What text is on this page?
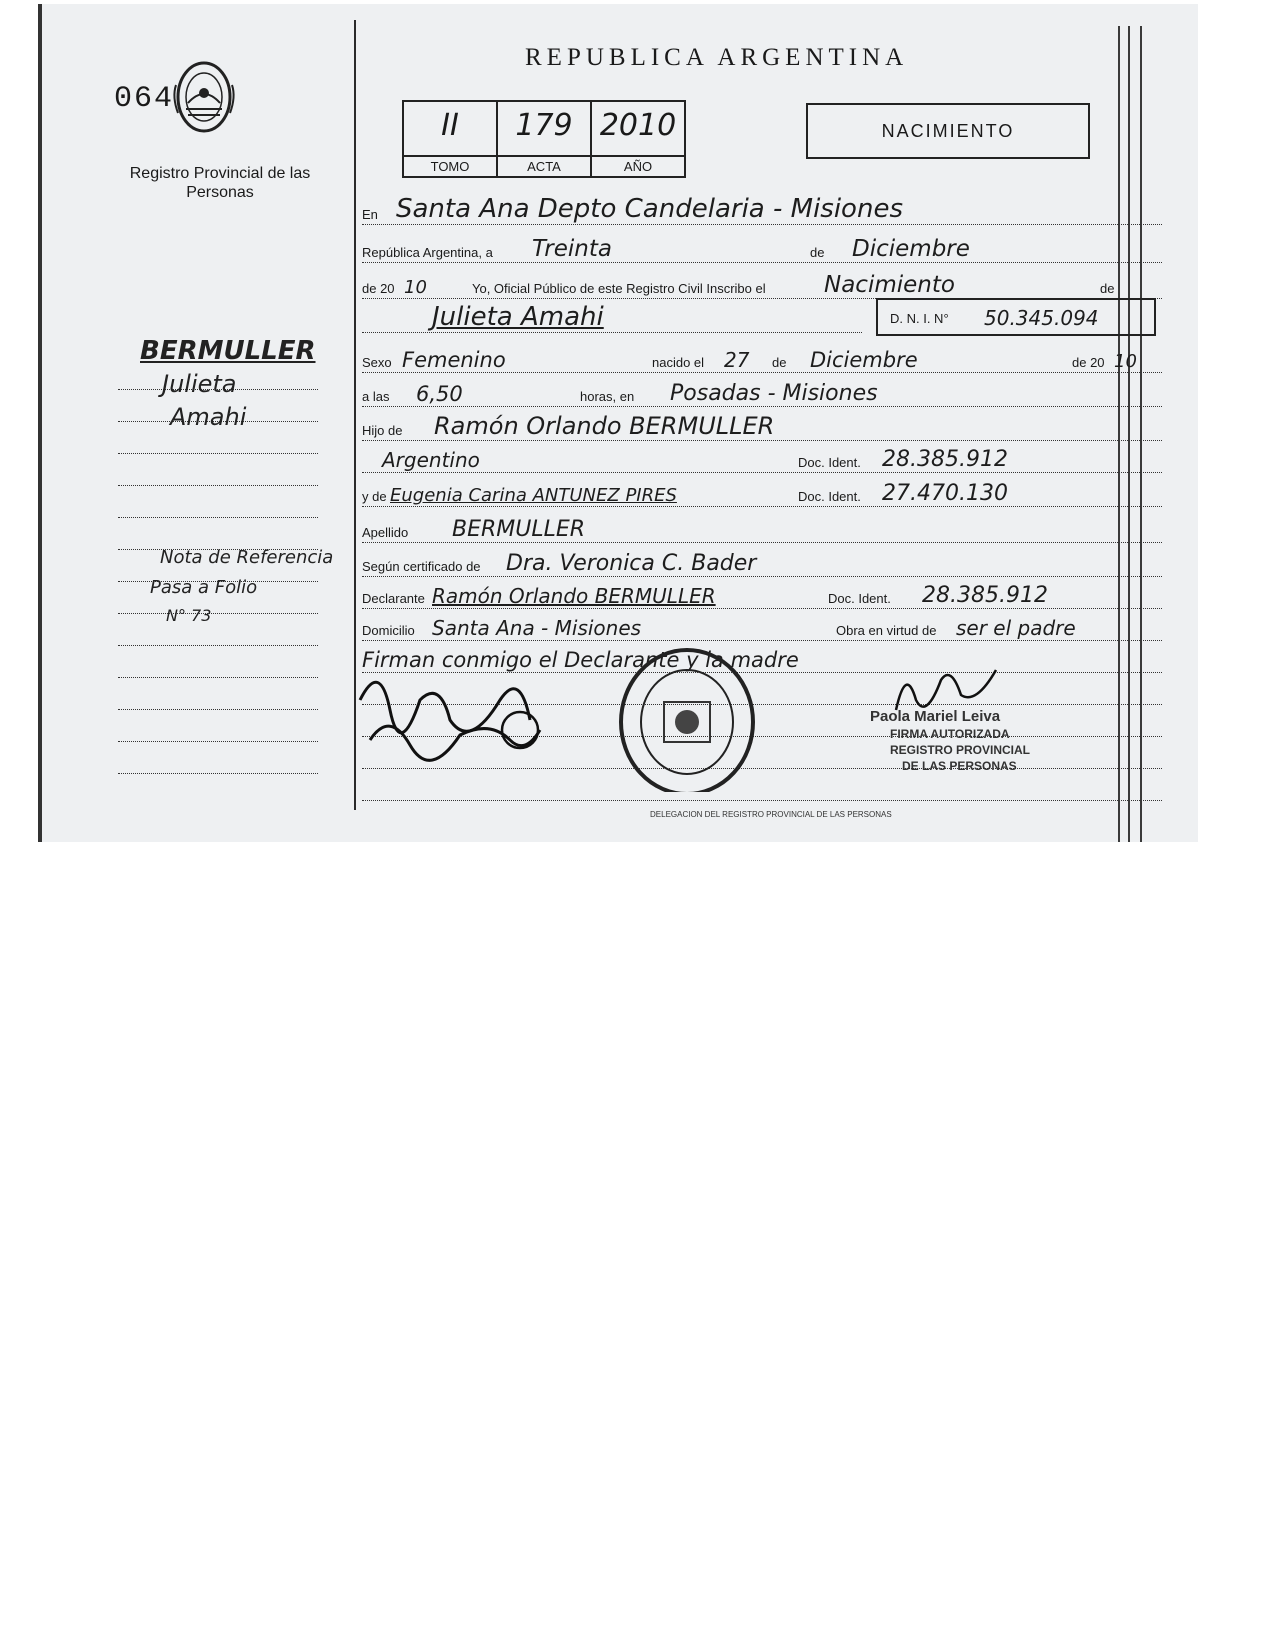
064
Registro Provincial de las Personas
BERMULLER
Julieta
Amahi
Nota de Referencia
Pasa a Folio
N° 73
REPUBLICA ARGENTINA
II
TOMO
179
ACTA
2010
AÑO
NACIMIENTO
En Santa Ana Depto Candelaria - Misiones
República Argentina, a Treinta	de Diciembre
de 20 10	Yo, Oficial Público de este Registro Civil Inscribo el	Nacimiento	de
Julieta Amahi	D. N. I. N° 50.345.094
Sexo Femenino	nacido el 27 de Diciembre	de 20 10
a las 6,50	horas, en Posadas - Misiones
Hijo de Ramón Orlando BERMULLER
Argentino	Doc. Ident. 28.385.912
y de Eugenia Carina ANTUNEZ PIRES	Doc. Ident. 27.470.130
Apellido BERMULLER
Según certificado de Dra. Veronica C. Bader
Declarante Ramón Orlando BERMULLER	Doc. Ident. 28.385.912
Domicilio Santa Ana - Misiones	Obra en virtud de ser el padre
Firman conmigo el Declarante y la madre
Paola Mariel Leiva
FIRMA AUTORIZADA
REGISTRO PROVINCIAL
DE LAS PERSONAS
DELEGACION DEL REGISTRO PROVINCIAL DE LAS PERSONAS
